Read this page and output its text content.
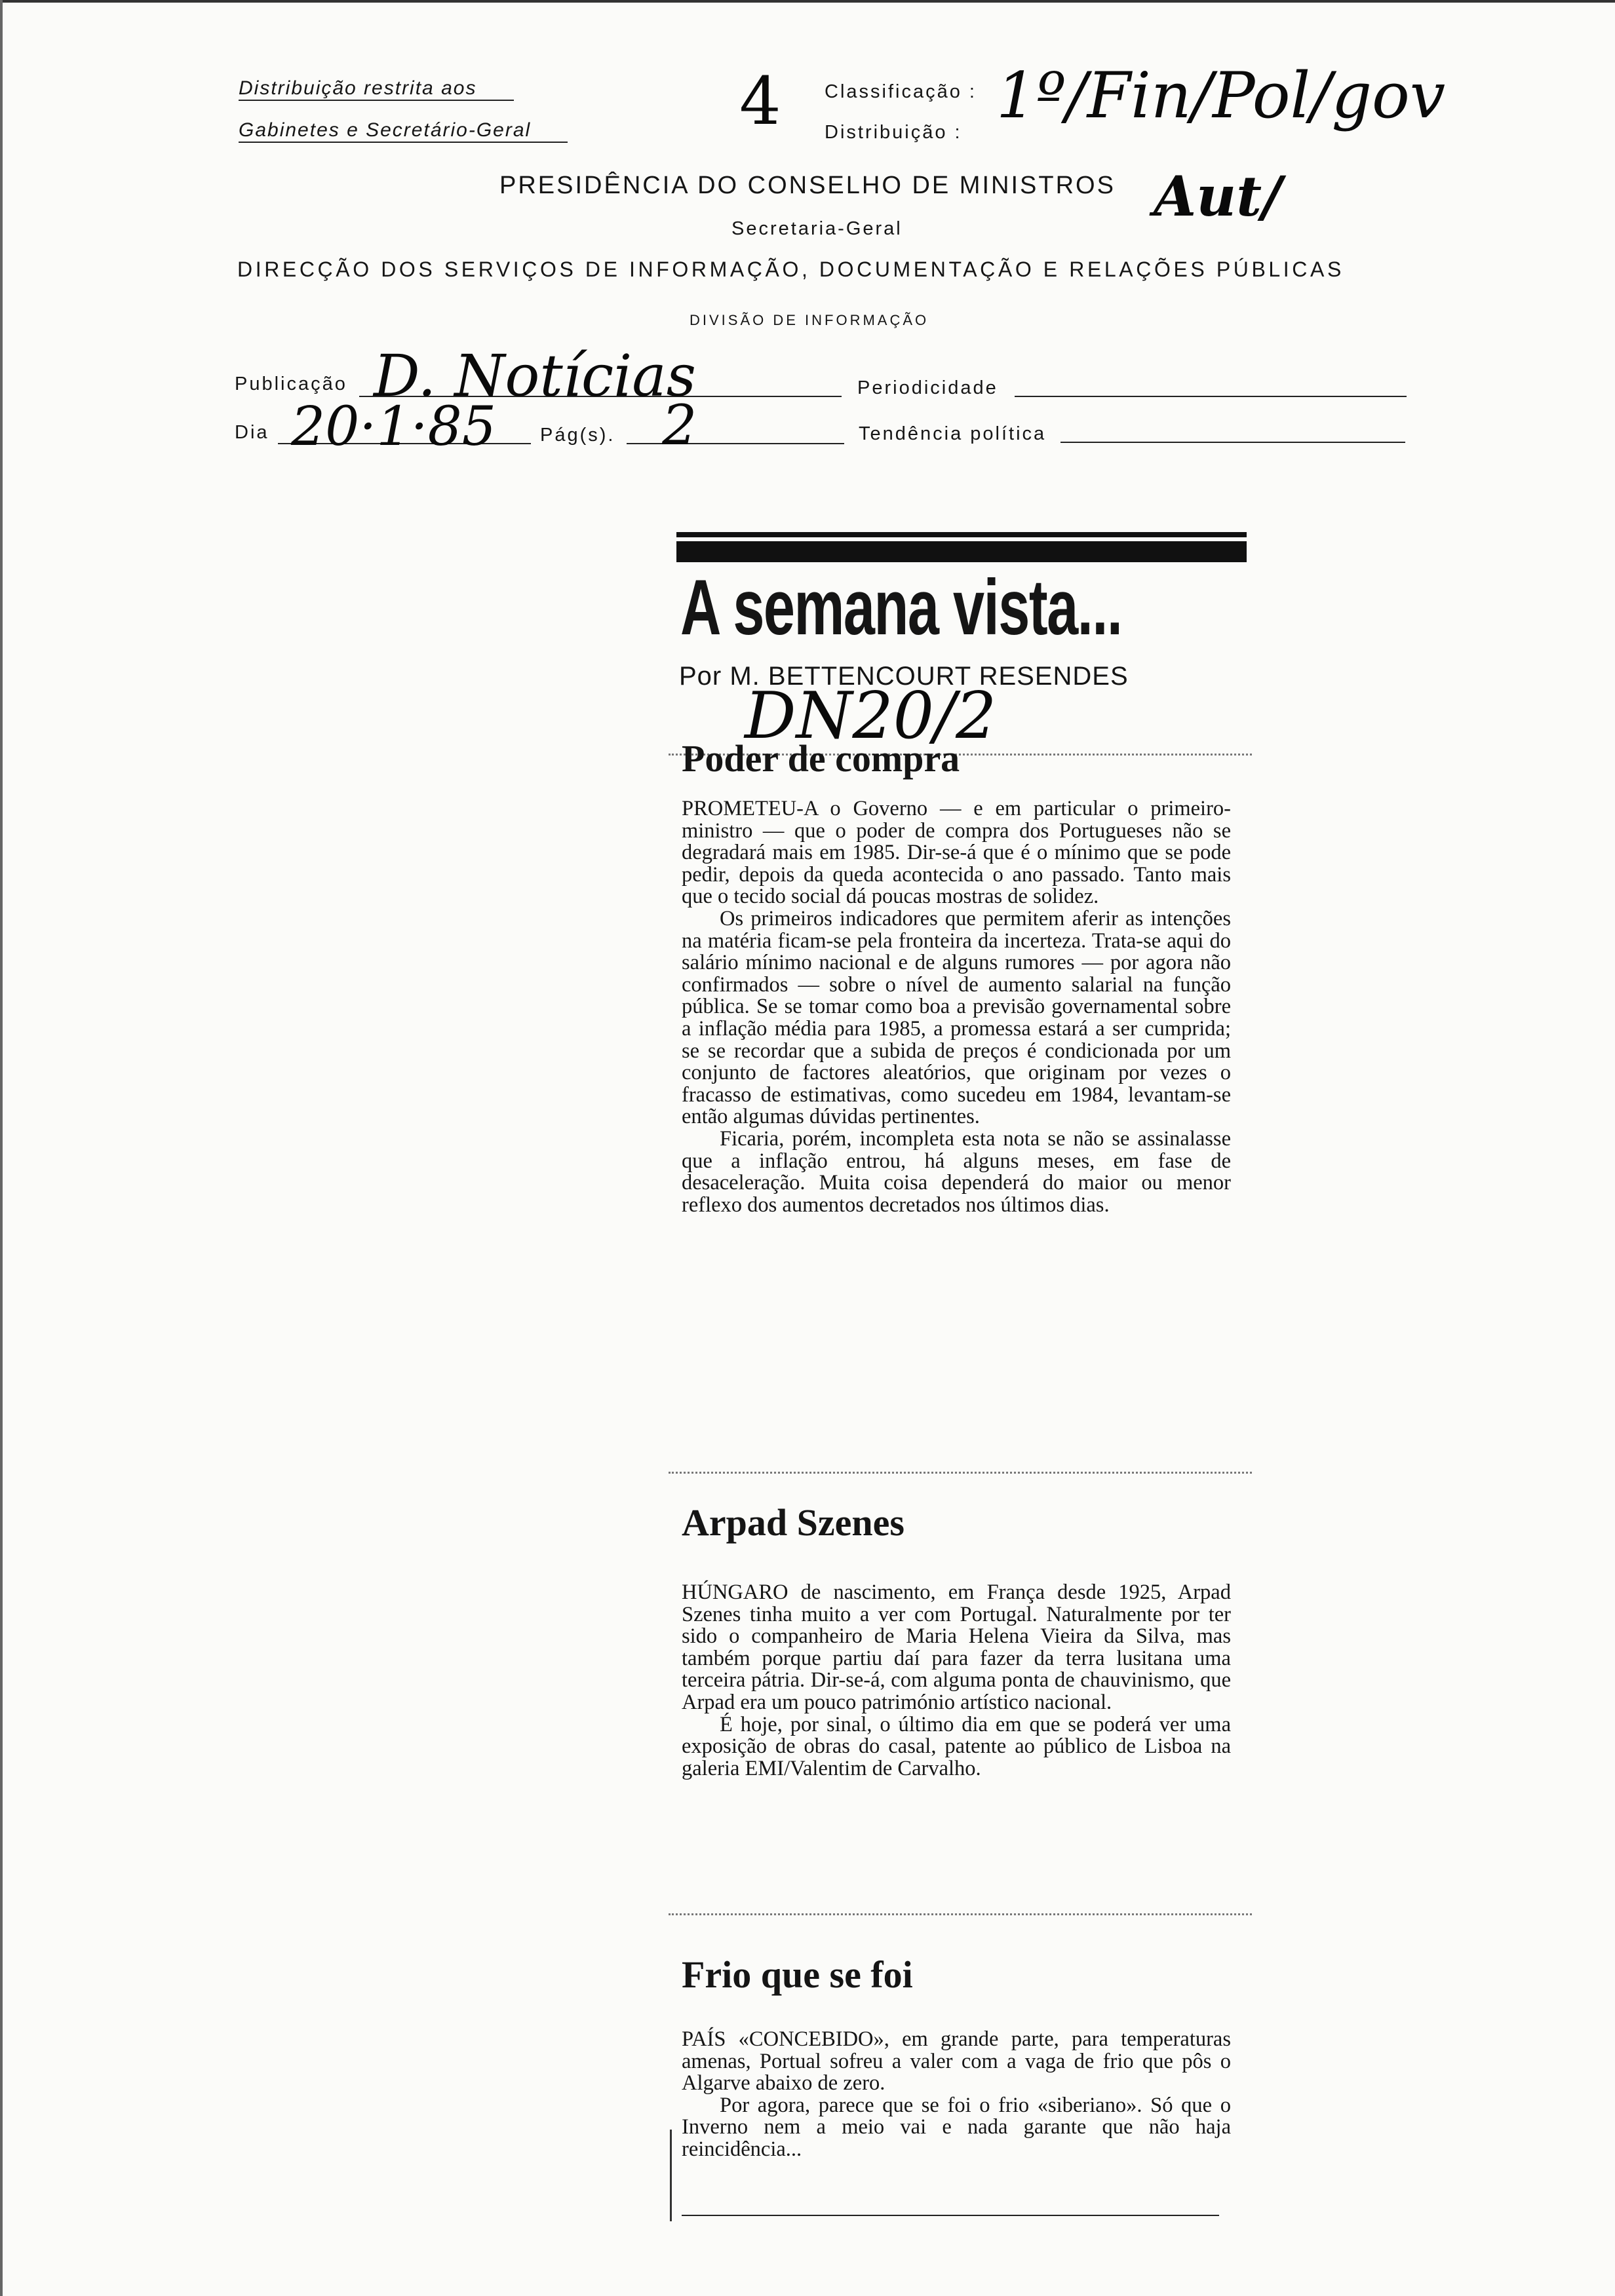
Distribuição restrita aos
Gabinetes e Secretário-Geral	4 Classificação :
Distribuição : 1º/Fin/Pol/gov
Aut/
PRESIDÊNCIA DO CONSELHO DE MINISTROS
Secretaria-Geral
DIRECÇÃO DOS SERVIÇOS DE INFORMAÇÃO, DOCUMENTAÇÃO E RELAÇÕES PÚBLICAS
DIVISÃO DE INFORMAÇÃO
Publicação D. Notícias	Periodicidade
Dia 20·1·85 Pág(s). 2	Tendência política
A semana vista...
Por M. BETTENCOURT RESENDES
DN20/2
Poder de compra

PROMETEU-A o Governo — e em particular o primeiro-ministro — que o poder de compra dos Portugueses não se degradará mais em 1985. Dir-se-á que é o mínimo que se pode pedir, depois da queda acontecida o ano passado. Tanto mais que o tecido social dá poucas mostras de solidez.

Os primeiros indicadores que permitem aferir as intenções na matéria ficam-se pela fronteira da incerteza. Trata-se aqui do salário mínimo nacional e de alguns rumores — por agora não confirmados — sobre o nível de aumento salarial na função pública. Se se tomar como boa a previsão governamental sobre a inflação média para 1985, a promessa estará a ser cumprida; se se recordar que a subida de preços é condicionada por um conjunto de factores aleatórios, que originam por vezes o fracasso de estimativas, como sucedeu em 1984, levantam-se então algumas dúvidas pertinentes.

Ficaria, porém, incompleta esta nota se não se assinalasse que a inflação entrou, há alguns meses, em fase de desaceleração. Muita coisa dependerá do maior ou menor reflexo dos aumentos decretados nos últimos dias.

Arpad Szenes

HÚNGARO de nascimento, em França desde 1925, Arpad Szenes tinha muito a ver com Portugal. Naturalmente por ter sido o companheiro de Maria Helena Vieira da Silva, mas também porque partiu daí para fazer da terra lusitana uma terceira pátria. Dir-se-á, com alguma ponta de chauvinismo, que Arpad era um pouco património artístico nacional.

É hoje, por sinal, o último dia em que se poderá ver uma exposição de obras do casal, patente ao público de Lisboa na galeria EMI/Valentim de Carvalho.

Frio que se foi

PAÍS «CONCEBIDO», em grande parte, para temperaturas amenas, Portual sofreu a valer com a vaga de frio que pôs o Algarve abaixo de zero.

Por agora, parece que se foi o frio «siberiano». Só que o Inverno nem a meio vai e nada garante que não haja reincidência...
